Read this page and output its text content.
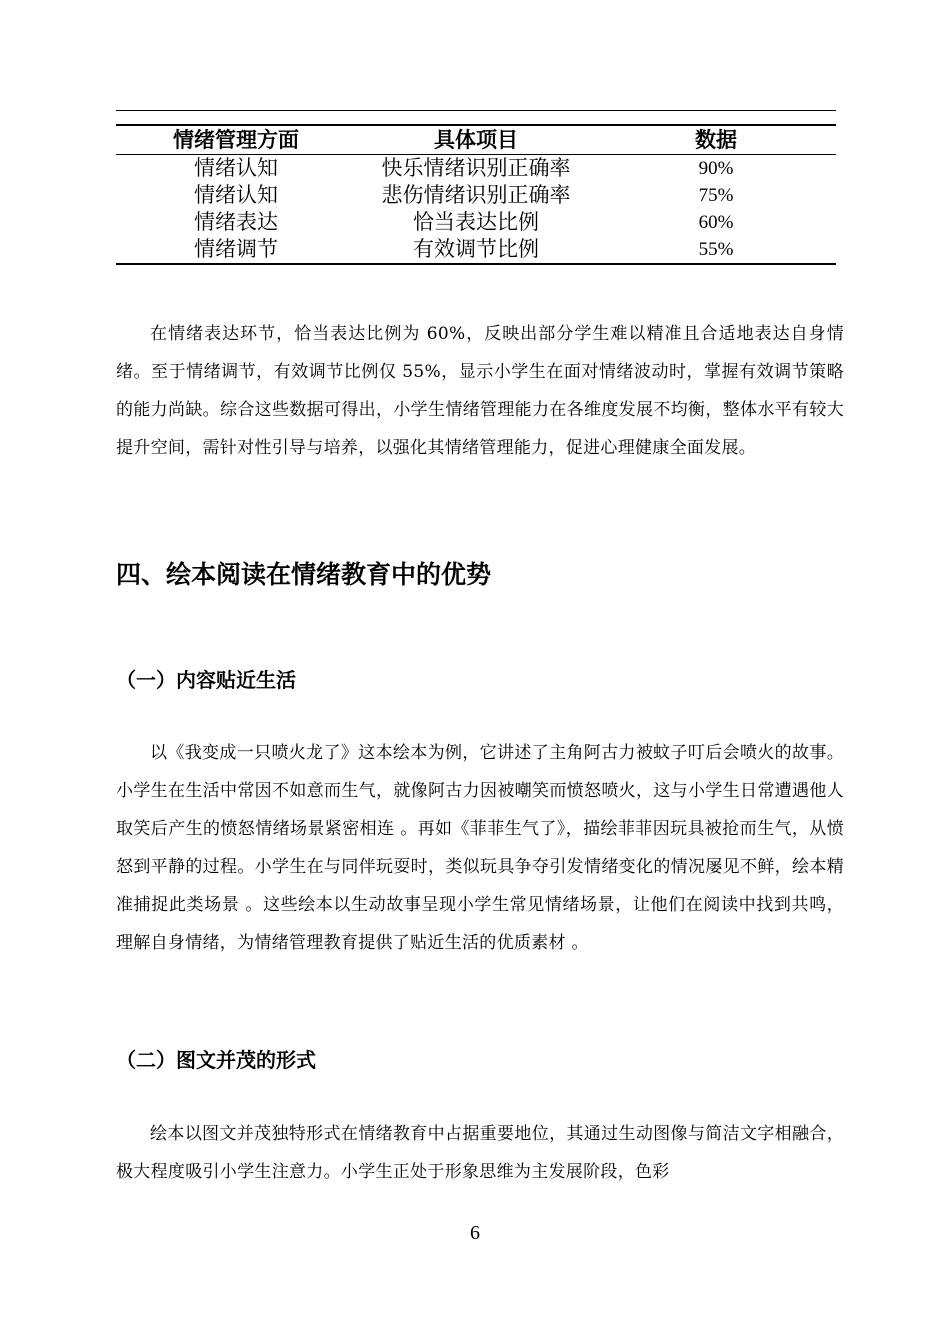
情绪管理方面	具体项目	数据
情绪认知	快乐情绪识别正确率	90%
情绪认知	悲伤情绪识别正确率	75%
情绪表达	恰当表达比例	60%
情绪调节	有效调节比例	55%

在情绪表达环节，恰当表达比例为 60%，反映出部分学生难以精准且合适地表达自身情绪。至于情绪调节，有效调节比例仅 55%，显示小学生在面对情绪波动时，掌握有效调节策略的能力尚缺。综合这些数据可得出，小学生情绪管理能力在各维度发展不均衡，整体水平有较大提升空间，需针对性引导与培养，以强化其情绪管理能力，促进心理健康全面发展。

四、绘本阅读在情绪教育中的优势
（一）内容贴近生活

以《我变成一只喷火龙了》这本绘本为例，它讲述了主角阿古力被蚊子叮后会喷火的故事。小学生在生活中常因不如意而生气，就像阿古力因被嘲笑而愤怒喷火，这与小学生日常遭遇他人取笑后产生的愤怒情绪场景紧密相连 。再如《菲菲生气了》，描绘菲菲因玩具被抢而生气，从愤怒到平静的过程。小学生在与同伴玩耍时，类似玩具争夺引发情绪变化的情况屡见不鲜，绘本精准捕捉此类场景 。这些绘本以生动故事呈现小学生常见情绪场景，让他们在阅读中找到共鸣，理解自身情绪，为情绪管理教育提供了贴近生活的优质素材 。

（二）图文并茂的形式

绘本以图文并茂独特形式在情绪教育中占据重要地位，其通过生动图像与简洁文字相融合，极大程度吸引小学生注意力。小学生正处于形象思维为主发展阶段，色彩

6
